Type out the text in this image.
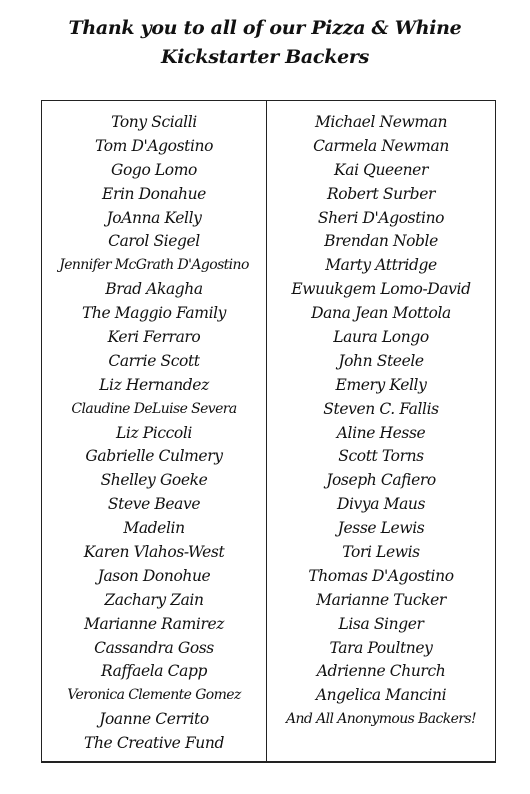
Thank you to all of our Pizza & Whine
Kickstarter Backers
Tony Scialli
Tom D'Agostino
Gogo Lomo
Erin Donahue
JoAnna Kelly
Carol Siegel
Jennifer McGrath D'Agostino
Brad Akagha
The Maggio Family
Keri Ferraro
Carrie Scott
Liz Hernandez
Claudine DeLuise Severa
Liz Piccoli
Gabrielle Culmery
Shelley Goeke
Steve Beave
Madelin
Karen Vlahos-West
Jason Donohue
Zachary Zain
Marianne Ramirez
Cassandra Goss
Raffaela Capp
Veronica Clemente Gomez
Joanne Cerrito
The Creative Fund
Michael Newman
Carmela Newman
Kai Queener
Robert Surber
Sheri D'Agostino
Brendan Noble
Marty Attridge
Ewuukgem Lomo-David
Dana Jean Mottola
Laura Longo
John Steele
Emery Kelly
Steven C. Fallis
Aline Hesse
Scott Torns
Joseph Cafiero
Divya Maus
Jesse Lewis
Tori Lewis
Thomas D'Agostino
Marianne Tucker
Lisa Singer
Tara Poultney
Adrienne Church
Angelica Mancini
And All Anonymous Backers!
